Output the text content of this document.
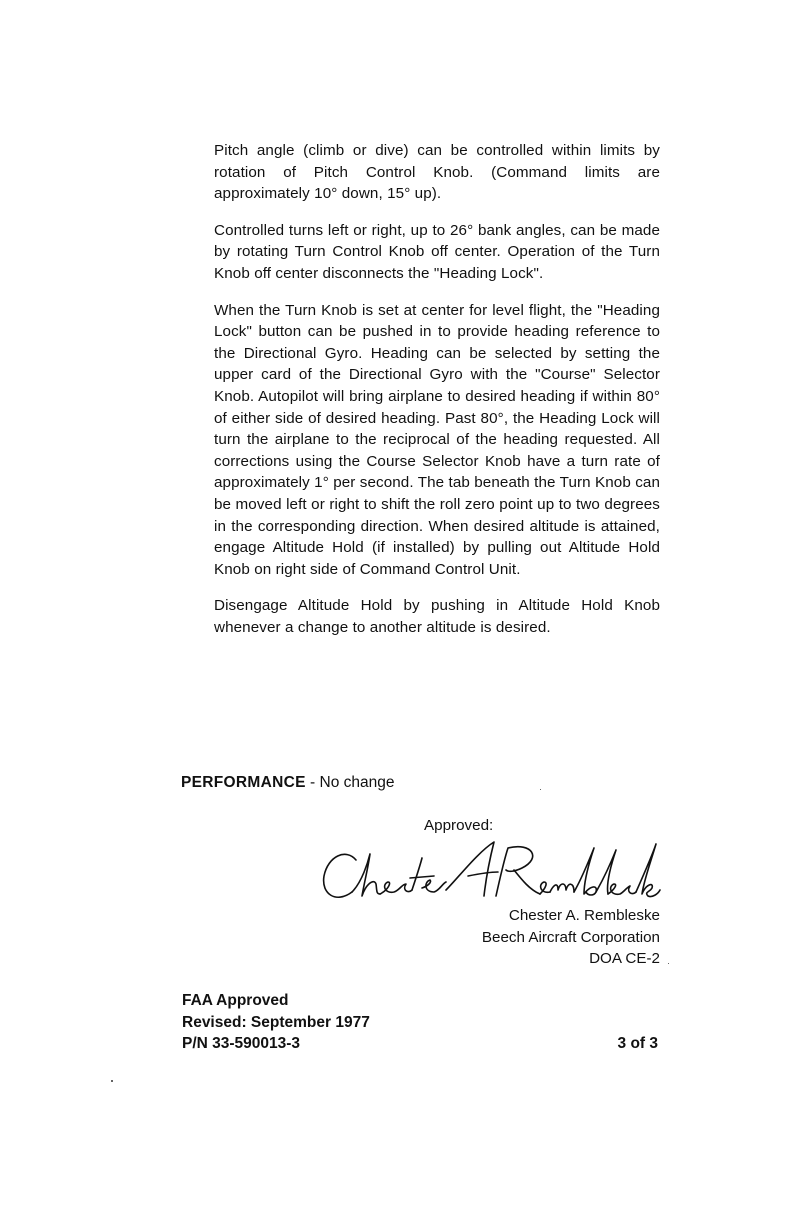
Pitch angle (climb or dive) can be controlled within limits by rotation of Pitch Control Knob. (Command limits are approximately 10° down, 15° up).

Controlled turns left or right, up to 26° bank angles, can be made by rotating Turn Control Knob off center. Operation of the Turn Knob off center disconnects the "Heading Lock".

When the Turn Knob is set at center for level flight, the "Heading Lock" button can be pushed in to provide heading reference to the Directional Gyro. Heading can be selected by setting the upper card of the Directional Gyro with the "Course" Selector Knob. Autopilot will bring airplane to desired heading if within 80° of either side of desired heading. Past 80°, the Heading Lock will turn the airplane to the reciprocal of the heading requested. All corrections using the Course Selector Knob have a turn rate of approximately 1° per second. The tab beneath the Turn Knob can be moved left or right to shift the roll zero point up to two degrees in the corresponding direction. When desired altitude is attained, engage Altitude Hold (if installed) by pulling out Altitude Hold Knob on right side of Command Control Unit.

Disengage Altitude Hold by pushing in Altitude Hold Knob whenever a change to another altitude is desired.

PERFORMANCE - No change
Approved:
Chester A. Rembleske
Beech Aircraft Corporation
DOA CE-2
FAA Approved
Revised: September 1977
P/N 33-590013-3	3 of 3
